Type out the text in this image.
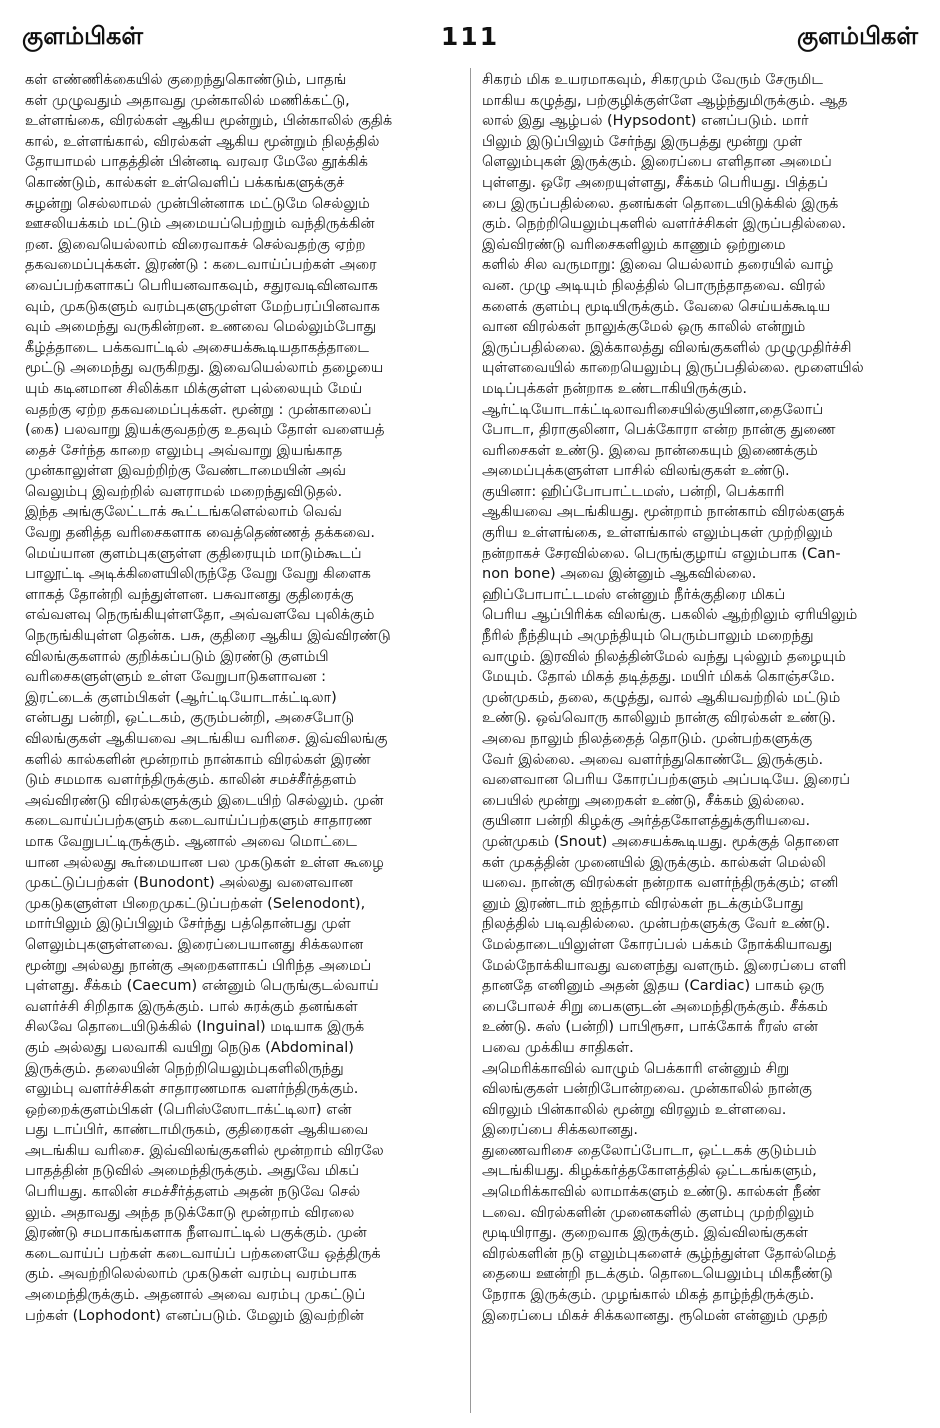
குளம்பிகள்	111	குளம்பிகள்
கள் எண்ணிக்கையில் குறைந்துகொண்டும், பாதங்
கள் முழுவதும் அதாவது முன்காலில் மணிக்கட்டு,
உள்ளங்கை, விரல்கள் ஆகிய மூன்றும், பின்காலில் குதிக்
கால், உள்ளங்கால், விரல்கள் ஆகிய மூன்றும் நிலத்தில்
தோயாமல் பாதத்தின் பின்னடி வரவர மேலே தூக்கிக்
கொண்டும், கால்கள் உள்வெளிப் பக்கங்களுக்குச்
சுழன்று செல்லாமல் முன்பின்னாக மட்டுமே செல்லும்
ஊசலியக்கம் மட்டும் அமையப்பெற்றும் வந்திருக்கின்
றன. இவையெல்லாம் விரைவாகச் செல்வதற்கு ஏற்ற
தகவமைப்புக்கள். இரண்டு : கடைவாய்ப்பற்கள் அரை
வைப்பற்களாகப் பெரியனவாகவும், சதுரவடிவினவாக
வும், முகடுகளும் வரம்புகளுமுள்ள மேற்பரப்பினவாக
வும் அமைந்து வருகின்றன. உணவை மெல்லும்போது
கீழ்த்தாடை பக்கவாட்டில் அசையக்கூடியதாகத்தாடை
மூட்டு அமைந்து வருகிறது. இவையெல்லாம் தழையை
யும் கடினமான சிலிக்கா மிக்குள்ள புல்லையும் மேய்
வதற்கு ஏற்ற தகவமைப்புக்கள். மூன்று : முன்காலைப்
(கை) பலவாறு இயக்குவதற்கு உதவும் தோள் வளையத்
தைச் சேர்ந்த காறை எலும்பு அவ்வாறு இயங்காத
முன்காலுள்ள இவற்றிற்கு வேண்டாமையின் அவ்
வெலும்பு இவற்றில் வளராமல் மறைந்துவிடுதல்.
இந்த அங்குலேட்டாக் கூட்டங்களெல்லாம் வெவ்
வேறு தனித்த வரிசைகளாக வைத்தெண்ணத் தக்கவை.
மெய்யான குளம்புகளுள்ள குதிரையும் மாடும்கூடப்
பாலூட்டி அடிக்கிளையிலிருந்தே வேறு வேறு கிளைக
ளாகத் தோன்றி வந்துள்ளன. பசுவானது குதிரைக்கு
எவ்வளவு நெருங்கியுள்ளதோ, அவ்வளவே புலிக்கும்
நெருங்கியுள்ள தென்க. பசு, குதிரை ஆகிய இவ்விரண்டு
விலங்குகளால் குறிக்கப்படும் இரண்டு குளம்பி
வரிசைகளுள்ளும் உள்ள வேறுபாடுகளாவன :
இரட்டைக் குளம்பிகள் (ஆர்ட்டியோடாக்ட்டிலா)
என்பது பன்றி, ஒட்டகம், குரும்பன்றி, அசைபோடு
விலங்குகள் ஆகியவை அடங்கிய வரிசை. இவ்விலங்கு
களில் கால்களின் மூன்றாம் நான்காம் விரல்கள் இரண்
டும் சமமாக வளர்ந்திருக்கும். காலின் சமச்சீர்த்தளம்
அவ்விரண்டு விரல்களுக்கும் இடையிற் செல்லும். முன்
கடைவாய்ப்பற்களும் கடைவாய்ப்பற்களும் சாதாரண
மாக வேறுபட்டிருக்கும். ஆனால் அவை மொட்டை
யான அல்லது கூர்மையான பல முகடுகள் உள்ள கூழை
முகட்டுப்பற்கள் (Bunodont) அல்லது வளைவான
முகடுகளுள்ள பிறைமுகட்டுப்பற்கள் (Selenodont),
மார்பிலும் இடுப்பிலும் சேர்ந்து பத்தொன்பது முள்
ளெலும்புகளுள்ளவை. இரைப்பையானது சிக்கலான
மூன்று அல்லது நான்கு அறைகளாகப் பிரிந்த அமைப்
புள்ளது. சீக்கம் (Caecum) என்னும் பெருங்குடல்வாய்
வளர்ச்சி சிறிதாக இருக்கும். பால் சுரக்கும் தனங்கள்
சிலவே தொடையிடுக்கில் (Inguinal) மடியாக இருக்
கும் அல்லது பலவாகி வயிறு நெடுக (Abdominal)
இருக்கும். தலையின் நெற்றியெலும்புகளிலிருந்து
எலும்பு வளர்ச்சிகள் சாதாரணமாக வளர்ந்திருக்கும்.
ஒற்றைக்குளம்பிகள் (பெரிஸ்ஸோடாக்ட்டிலா) என்
பது டாப்பிர், காண்டாமிருகம், குதிரைகள் ஆகியவை
அடங்கிய வரிசை. இவ்விலங்குகளில் மூன்றாம் விரலே
பாதத்தின் நடுவில் அமைந்திருக்கும். அதுவே மிகப்
பெரியது. காலின் சமச்சீர்த்தளம் அதன் நடுவே செல்
லும். அதாவது அந்த நடுக்கோடு மூன்றாம் விரலை
இரண்டு சமபாகங்களாக நீளவாட்டில் பகுக்கும். முன்
கடைவாய்ப் பற்கள் கடைவாய்ப் பற்களையே ஒத்திருக்
கும். அவற்றிலெல்லாம் முகடுகள் வரம்பு வரம்பாக
அமைந்திருக்கும். அதனால் அவை வரம்பு முகட்டுப்
பற்கள் (Lophodont) எனப்படும். மேலும் இவற்றின்
சிகரம் மிக உயரமாகவும், சிகரமும் வேரும் சேருமிட
மாகிய கழுத்து, பற்குழிக்குள்ளே ஆழ்ந்துமிருக்கும். ஆத
லால் இது ஆழ்பல் (Hypsodont) எனப்படும். மார்
பிலும் இடுப்பிலும் சேர்ந்து இருபத்து மூன்று முள்
ளெலும்புகள் இருக்கும். இரைப்பை எளிதான அமைப்
புள்ளது. ஒரே அறையுள்ளது, சீக்கம் பெரியது. பித்தப்
பை இருப்பதில்லை. தனங்கள் தொடையிடுக்கில் இருக்
கும். நெற்றியெலும்புகளில் வளர்ச்சிகள் இருப்பதில்லை.
இவ்விரண்டு வரிசைகளிலும் காணும் ஒற்றுமை
களில் சில வருமாறு: இவை யெல்லாம் தரையில் வாழ்
வன. முழு அடியும் நிலத்தில் பொருந்தாதவை. விரல்
களைக் குளம்பு மூடியிருக்கும். வேலை செய்யக்கூடிய
வான விரல்கள் நாலுக்குமேல் ஒரு காலில் என்றும்
இருப்பதில்லை. இக்காலத்து விலங்குகளில் முழுமுதிர்ச்சி
யுள்ளவையில் காறையெலும்பு இருப்பதில்லை. மூளையில்
மடிப்புக்கள் நன்றாக உண்டாகியிருக்கும்.
ஆர்ட்டியோடாக்ட்டிலாவரிசையில்குயினா,தைலோப்
போடா, திராகுலினா, பெக்கோரா என்ற நான்கு துணை
வரிசைகள் உண்டு. இவை நான்கையும் இணைக்கும்
அமைப்புக்களுள்ள பாசில் விலங்குகள் உண்டு.
குயினா: ஹிப்போபாட்டமஸ், பன்றி, பெக்காரி
ஆகியவை அடங்கியது. மூன்றாம் நான்காம் விரல்களுக்
குரிய உள்ளங்கை, உள்ளங்கால் எலும்புகள் முற்றிலும்
நன்றாகச் சேரவில்லை. பெருங்குழாய் எலும்பாக (Can-
non bone) அவை இன்னும் ஆகவில்லை.
ஹிப்போபாட்டமஸ் என்னும் நீர்க்குதிரை மிகப்
பெரிய ஆப்பிரிக்க விலங்கு. பகலில் ஆற்றிலும் ஏரியிலும்
நீரில் நீந்தியும் அமுந்தியும் பெரும்பாலும் மறைந்து
வாழும். இரவில் நிலத்தின்மேல் வந்து புல்லும் தழையும்
மேயும். தோல் மிகத் தடித்தது. மயிர் மிகக் கொஞ்சமே.
முன்முகம், தலை, கழுத்து, வால் ஆகியவற்றில் மட்டும்
உண்டு. ஒவ்வொரு காலிலும் நான்கு விரல்கள் உண்டு.
அவை நாலும் நிலத்தைத் தொடும். முன்பற்களுக்கு
வேர் இல்லை. அவை வளர்ந்துகொண்டே இருக்கும்.
வளைவான பெரிய கோரப்பற்களும் அப்படியே. இரைப்
பையில் மூன்று அறைகள் உண்டு, சீக்கம் இல்லை.
குயினா பன்றி கிழக்கு அர்த்தகோளத்துக்குரியவை.
முன்முகம் (Snout) அசையக்கூடியது. மூக்குத் தொளை
கள் முகத்தின் முனையில் இருக்கும். கால்கள் மெல்லி
யவை. நான்கு விரல்கள் நன்றாக வளர்ந்திருக்கும்; எனி
னும் இரண்டாம் ஐந்தாம் விரல்கள் நடக்கும்போது
நிலத்தில் படிவதில்லை. முன்பற்களுக்கு வேர் உண்டு.
மேல்தாடையிலுள்ள கோரப்பல் பக்கம் நோக்கியாவது
மேல்நோக்கியாவது வளைந்து வளரும். இரைப்பை எளி
தானதே எனினும் அதன் இதய (Cardiac) பாகம் ஒரு
பைபோலச் சிறு பைகளுடன் அமைந்திருக்கும். சீக்கம்
உண்டு. சுஸ் (பன்றி) பாபிரூசா, பாக்கோக் ரீரஸ் என்
பவை முக்கிய சாதிகள்.
அமெரிக்காவில் வாழும் பெக்காரி என்னும் சிறு
விலங்குகள் பன்றிபோன்றவை. முன்காலில் நான்கு
விரலும் பின்காலில் மூன்று விரலும் உள்ளவை.
இரைப்பை சிக்கலானது.
துணைவரிசை தைலோப்போடா, ஒட்டகக் குடும்பம்
அடங்கியது. கிழக்கர்த்தகோளத்தில் ஒட்டகங்களும்,
அமெரிக்காவில் லாமாக்களும் உண்டு. கால்கள் நீண்
டவை. விரல்களின் முனைகளில் குளம்பு முற்றிலும்
மூடியிராது. குறைவாக இருக்கும். இவ்விலங்குகள்
விரல்களின் நடு எலும்புகளைச் சூழ்ந்துள்ள தோல்மெத்
தையை ஊன்றி நடக்கும். தொடையெலும்பு மிகநீண்டு
நேராக இருக்கும். முழங்கால் மிகத் தாழ்ந்திருக்கும்.
இரைப்பை மிகச் சிக்கலானது. ரூமென் என்னும் முதற்
